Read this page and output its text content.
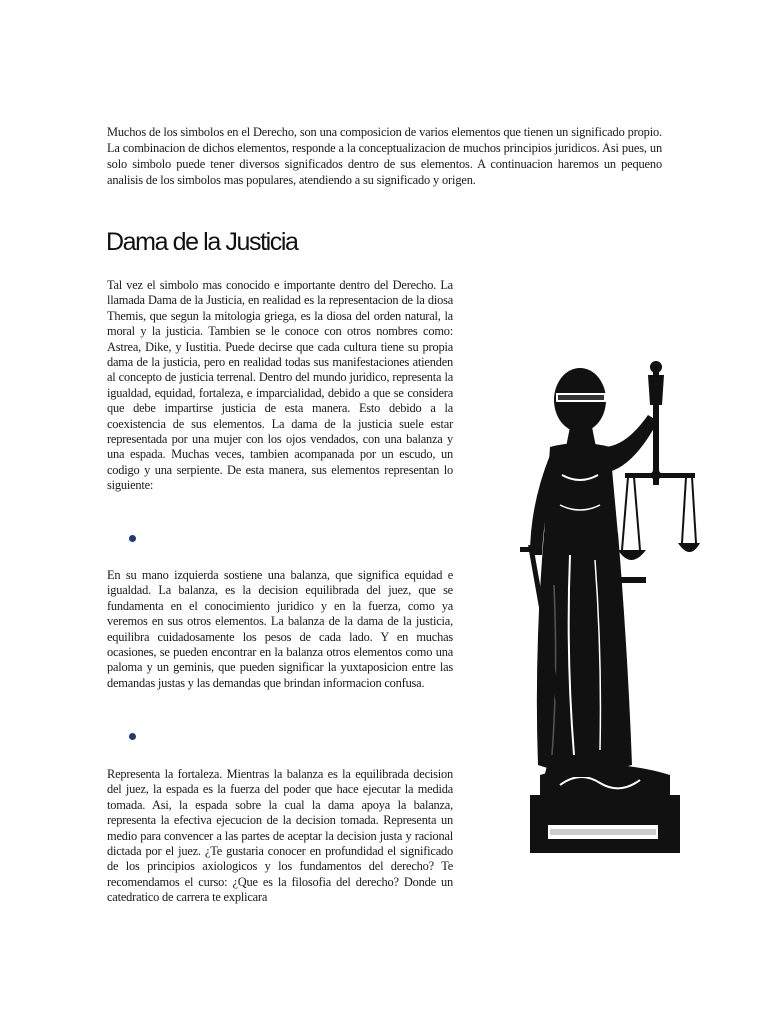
Muchos de los simbolos en el Derecho, son una composicion de varios elementos que tienen un significado propio. La combinacion de dichos elementos, responde a la conceptualizacion de muchos principios juridicos. Asi pues, un solo simbolo puede tener diversos significados dentro de sus elementos. A continuacion haremos un pequeno analisis de los simbolos mas populares, atendiendo a su significado y origen.

Dama de la Justicia

Tal vez el simbolo mas conocido e importante dentro del Derecho. La llamada Dama de la Justicia, en realidad es la representacion de la diosa Themis, que segun la mitologia griega, es la diosa del orden natural, la moral y la justicia. Tambien se le conoce con otros nombres como: Astrea, Dike, y Iustitia. Puede decirse que cada cultura tiene su propia dama de la justicia, pero en realidad todas sus manifestaciones atienden al concepto de justicia terrenal. Dentro del mundo juridico, representa la igualdad, equidad, fortaleza, e imparcialidad, debido a que se considera que debe impartirse justicia de esta manera. Esto debido a la coexistencia de sus elementos. La dama de la justicia suele estar representada por una mujer con los ojos vendados, con una balanza y una espada. Muchas veces, tambien acompanada por un escudo, un codigo y una serpiente. De esta manera, sus elementos representan lo siguiente:

En su mano izquierda sostiene una balanza, que significa equidad e igualdad. La balanza, es la decision equilibrada del juez, que se fundamenta en el conocimiento juridico y en la fuerza, como ya veremos en sus otros elementos. La balanza de la dama de la justicia, equilibra cuidadosamente los pesos de cada lado. Y en muchas ocasiones, se pueden encontrar en la balanza otros elementos como una paloma y un geminis, que pueden significar la yuxtaposicion entre las demandas justas y las demandas que brindan informacion confusa.

Representa la fortaleza. Mientras la balanza es la equilibrada decision del juez, la espada es la fuerza del poder que hace ejecutar la medida tomada. Asi, la espada sobre la cual la dama apoya la balanza, representa la efectiva ejecucion de la decision tomada. Representa un medio para convencer a las partes de aceptar la decision justa y racional dictada por el juez. ¿Te gustaria conocer en profundidad el significado de los principios axiologicos y los fundamentos del derecho? Te recomendamos el curso: ¿Que es la filosofia del derecho? Donde un catedratico de carrera te explicara
